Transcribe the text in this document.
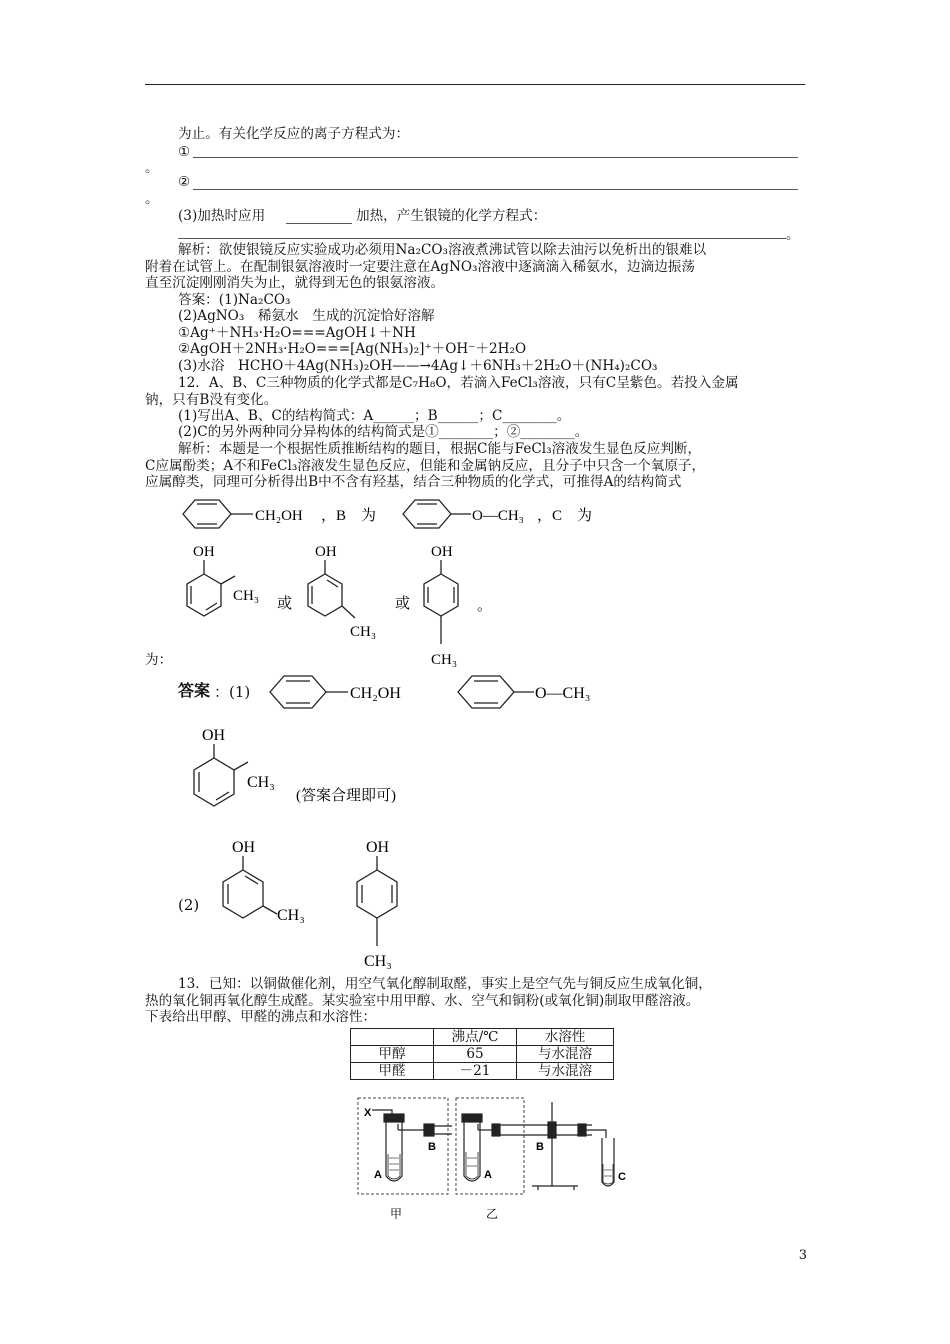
为止。有关化学反应的离子方程式为：
①
。
②
。
(3)加热时应用	加热，产生银镜的化学方程式：
。
解析：欲使银镜反应实验成功必须用Na₂CO₃溶液煮沸试管以除去油污以免析出的银难以
附着在试管上。在配制银氨溶液时一定要注意在AgNO₃溶液中逐滴滴入稀氨水，边滴边振荡
直至沉淀刚刚消失为止，就得到无色的银氨溶液。
答案：(1)Na₂CO₃
(2)AgNO₃　稀氨水　生成的沉淀恰好溶解
①Ag⁺＋NH₃·H₂O===AgOH↓＋NH
②AgOH＋2NH₃·H₂O===[Ag(NH₃)₂]⁺＋OH⁻＋2H₂O
(3)水浴　HCHO＋4Ag(NH₃)₂OH——→4Ag↓＋6NH₃＋2H₂O＋(NH₄)₂CO₃
12．A、B、C三种物质的化学式都是C₇H₈O，若滴入FeCl₃溶液，只有C呈紫色。若投入金属
钠，只有B没有变化。
(1)写出A、B、C的结构简式：A______；B______；C________。
(2)C的另外两种同分异构体的结构简式是①________；②________。
解析：本题是一个根据性质推断结构的题目，根据C能与FeCl₃溶液发生显色反应判断，
C应属酚类；A不和FeCl₃溶液发生显色反应，但能和金属钠反应，且分子中只含一个氧原子，
应属醇类，同理可分析得出B中不含有羟基，结合三种物质的化学式，可推得A的结构简式
CH₂OH ，B　为	O—CH₃ ，C　为
OH
CH₃ 或
OH
CH₃
或
OH
CH₃
。
为：
答案 ：(1)	CH₂OH	O—CH₃
OH
CH₃
(答案合理即可)
(2)
OH
CH₃
OH
CH₃
13．已知：以铜做催化剂，用空气氧化醇制取醛，事实上是空气先与铜反应生成氧化铜，
热的氧化铜再氧化醇生成醛。某实验室中用甲醇、水、空气和铜粉(或氧化铜)制取甲醛溶液。
下表给出甲醇、甲醛的沸点和水溶性：
	沸点/℃	水溶性
甲醇	65	与水混溶
甲醛	－21	与水混溶
X
B
A	A
B
C
甲	乙
3
